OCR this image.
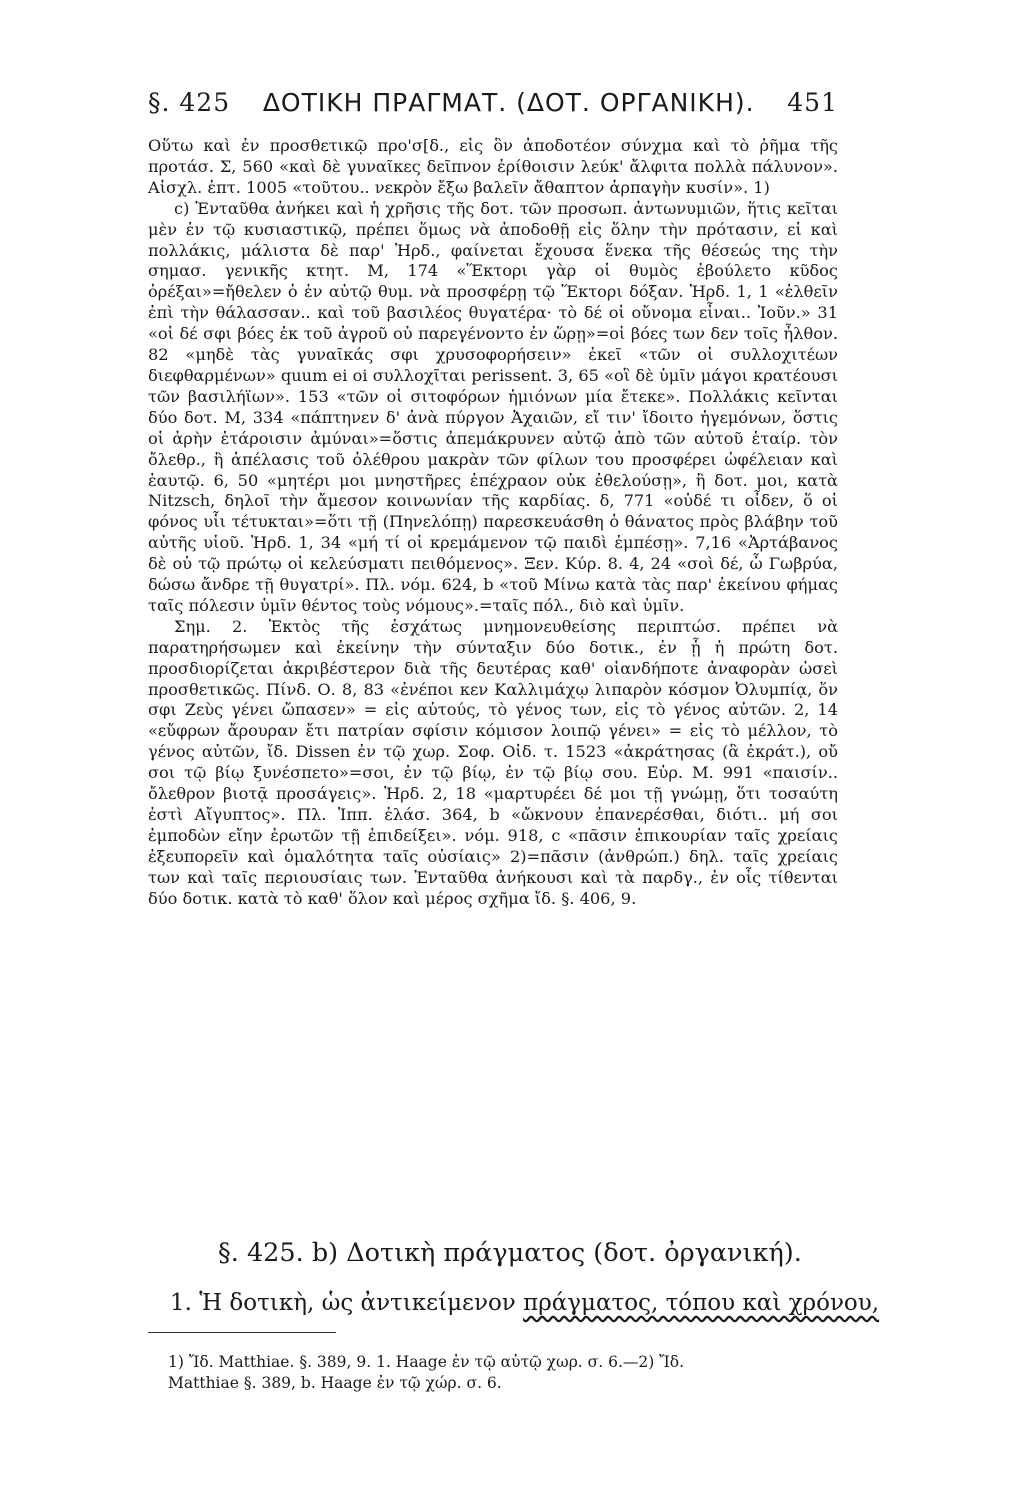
§. 425 ΔΟΤΙΚΗ ΠΡΑΓΜΑΤ. (ΔΟΤ. ΟΡΓΑΝΙΚΗ). 451

Οὕτω καὶ ἐν προσθετικῷ προ'σ[δ., εἰς ὃν ἀποδοτέον σύνχμα καὶ τὸ ῥῆμα τῆς προτάσ. Σ, 560 «καὶ δὲ γυναῖκες δεῖπνον ἐρίθοισιν λεύκ' ἄλφιτα πολλὰ πάλυνον». Αἰσχλ. ἑπτ. 1005 «τοῦτου.. νεκρὸν ἔξω βαλεῖν ἄθαπτον ἁρπαγὴν κυσίν». 1)

c) Ἐνταῦθα ἀνήκει καὶ ἡ χρῆσις τῆς δοτ. τῶν προσωπ. ἀντωνυμιῶν, ἥτις κεῖται μὲν ἐν τῷ κυσιαστικῷ, πρέπει ὅμως νὰ ἀποδοθῇ εἰς ὅλην τὴν πρότασιν, εἰ καὶ πολλάκις, μάλιστα δὲ παρ' Ἡρδ., φαίνεται ἔχουσα ἕνεκα τῆς θέσεώς της τὴν σημασ. γενικῆς κτητ. Μ, 174 «Ἕκτορι γὰρ οἱ θυμὸς ἐβούλετο κῦδος ὀρέξαι»=ἤθελεν ὁ ἐν αὐτῷ θυμ. νὰ προσφέρῃ τῷ Ἕκτορι δόξαν. Ἡρδ. 1, 1 «ἐλθεῖν ἐπὶ τὴν θάλασσαν.. καὶ τοῦ βασιλέος θυγατέρα· τὸ δέ οἱ οὔνομα εἶναι.. Ἰοῦν.» 31 «οἱ δέ σφι βόες ἐκ τοῦ ἀγροῦ οὐ παρεγένοντο ἐν ὥρῃ»=οἱ βόες των δεν τοῖς ἦλθον. 82 «μηδὲ τὰς γυναῖκάς σφι χρυσοφορήσειν» ἐκεῖ «τῶν οἱ συλλοχιτέων διεφθαρμένων» quum ei oi συλλοχῖται perissent. 3, 65 «οἳ δὲ ὑμῖν μάγοι κρατέουσι τῶν βασιλήϊων». 153 «τῶν οἱ σιτοφόρων ἡμιόνων μία ἔτεκε». Πολλάκις κεῖνται δύο δοτ. Μ, 334 «πάπτηνεν δ' ἀνὰ πύργον Ἀχαιῶν, εἴ τιν' ἴδοιτο ἡγεμόνων, ὅστις οἱ ἀρὴν ἑτάροισιν ἀμύναι»=ὅστις ἀπεμάκρυνεν αὐτῷ ἀπὸ τῶν αὐτοῦ ἑταίρ. τὸν ὄλεθρ., ἢ ἀπέλασις τοῦ ὀλέθρου μακρὰν τῶν φίλων του προσφέρει ὠφέλειαν καὶ ἑαυτῷ. 6, 50 «μητέρι μοι μνηστῆρες ἐπέχραον οὐκ ἐθελούσῃ», ἢ δοτ. μοι, κατὰ Nitzsch, δηλοῖ τὴν ἄμεσον κοινωνίαν τῆς καρδίας. δ, 771 «οὐδέ τι οἶδεν, ὅ οἱ φόνος υἷι τέτυκται»=ὅτι τῇ (Πηνελόπῃ) παρεσκευάσθη ὁ θάνατος πρὸς βλάβην τοῦ αὐτῆς υἱοῦ. Ἡρδ. 1, 34 «μή τί οἱ κρεμάμενον τῷ παιδὶ ἐμπέσῃ». 7,16 «Ἀρτάβανος δὲ οὐ τῷ πρώτῳ οἱ κελεύσματι πειθόμενος». Ξεν. Κύρ. 8. 4, 24 «σοὶ δέ, ὦ Γωβρύα, δώσω ἄνδρε τῇ θυγατρί». Πλ. νόμ. 624, b «τοῦ Μίνω κατὰ τὰς παρ' ἐκείνου φήμας ταῖς πόλεσιν ὑμῖν θέντος τοὺς νόμους».=ταῖς πόλ., διὸ καὶ ὑμῖν.

Σημ. 2. Ἐκτὸς τῆς ἐσχάτως μνημονευθείσης περιπτώσ. πρέπει νὰ παρατηρήσωμεν καὶ ἐκείνην τὴν σύνταξιν δύο δοτικ., ἐν ᾗ ἡ πρώτη δοτ. προσδιορίζεται ἀκριβέστερον διὰ τῆς δευτέρας καθ' οἱανδήποτε ἀναφορὰν ὡσεὶ προσθετικῶς. Πίνδ. Ο. 8, 83 «ἐνέποι κεν Καλλιμάχῳ λιπαρὸν κόσμον Ὀλυμπίᾳ, ὅν σφι Ζεὺς γένει ὤπασεν» = εἰς αὐτούς, τὸ γένος των, εἰς τὸ γένος αὐτῶν. 2, 14 «εὔφρων ἄρουραν ἔτι πατρίαν σφίσιν κόμισον λοιπῷ γένει» = εἰς τὸ μέλλον, τὸ γένος αὐτῶν, ἴδ. Dissen ἐν τῷ χωρ. Σοφ. Οἰδ. τ. 1523 «ἀκράτησας (ἃ ἐκράτ.), οὔ σοι τῷ βίῳ ξυνέσπετο»=σοι, ἐν τῷ βίῳ, ἐν τῷ βίῳ σου. Εὐρ. Μ. 991 «παισίν.. ὄλεθρον βιοτᾷ προσάγεις». Ἡρδ. 2, 18 «μαρτυρέει δέ μοι τῇ γνώμῃ, ὅτι τοσαύτη ἐστὶ Αἴγυπτος». Πλ. Ἱππ. ἐλάσ. 364, b «ὤκνουν ἐπανερέσθαι, διότι.. μή σοι ἐμποδὼν εἴην ἐρωτῶν τῇ ἐπιδείξει». νόμ. 918, c «πᾶσιν ἐπικουρίαν ταῖς χρείαις ἐξευπορεῖν καὶ ὁμαλότητα ταῖς οὐσίαις» 2)=πᾶσιν (ἀνθρώπ.) δηλ. ταῖς χρείαις των καὶ ταῖς περιουσίαις των. Ἐνταῦθα ἀνήκουσι καὶ τὰ παρδγ., ἐν οἷς τίθενται δύο δοτικ. κατὰ τὸ καθ' ὅλον καὶ μέρος σχῆμα ἴδ. §. 406, 9.

§. 425. b) Δοτικὴ πράγματος (δοτ. ὀργανική).
1. Ἡ δοτικὴ, ὡς ἀντικείμενον πράγματος, τόπου καὶ χρόνου,

1) Ἴδ. Matthiae. §. 389, 9. 1. Haage ἐν τῷ αὐτῷ χωρ. σ. 6.—2) Ἴδ.

Matthiae §. 389, b. Haage ἐν τῷ χώρ. σ. 6.
